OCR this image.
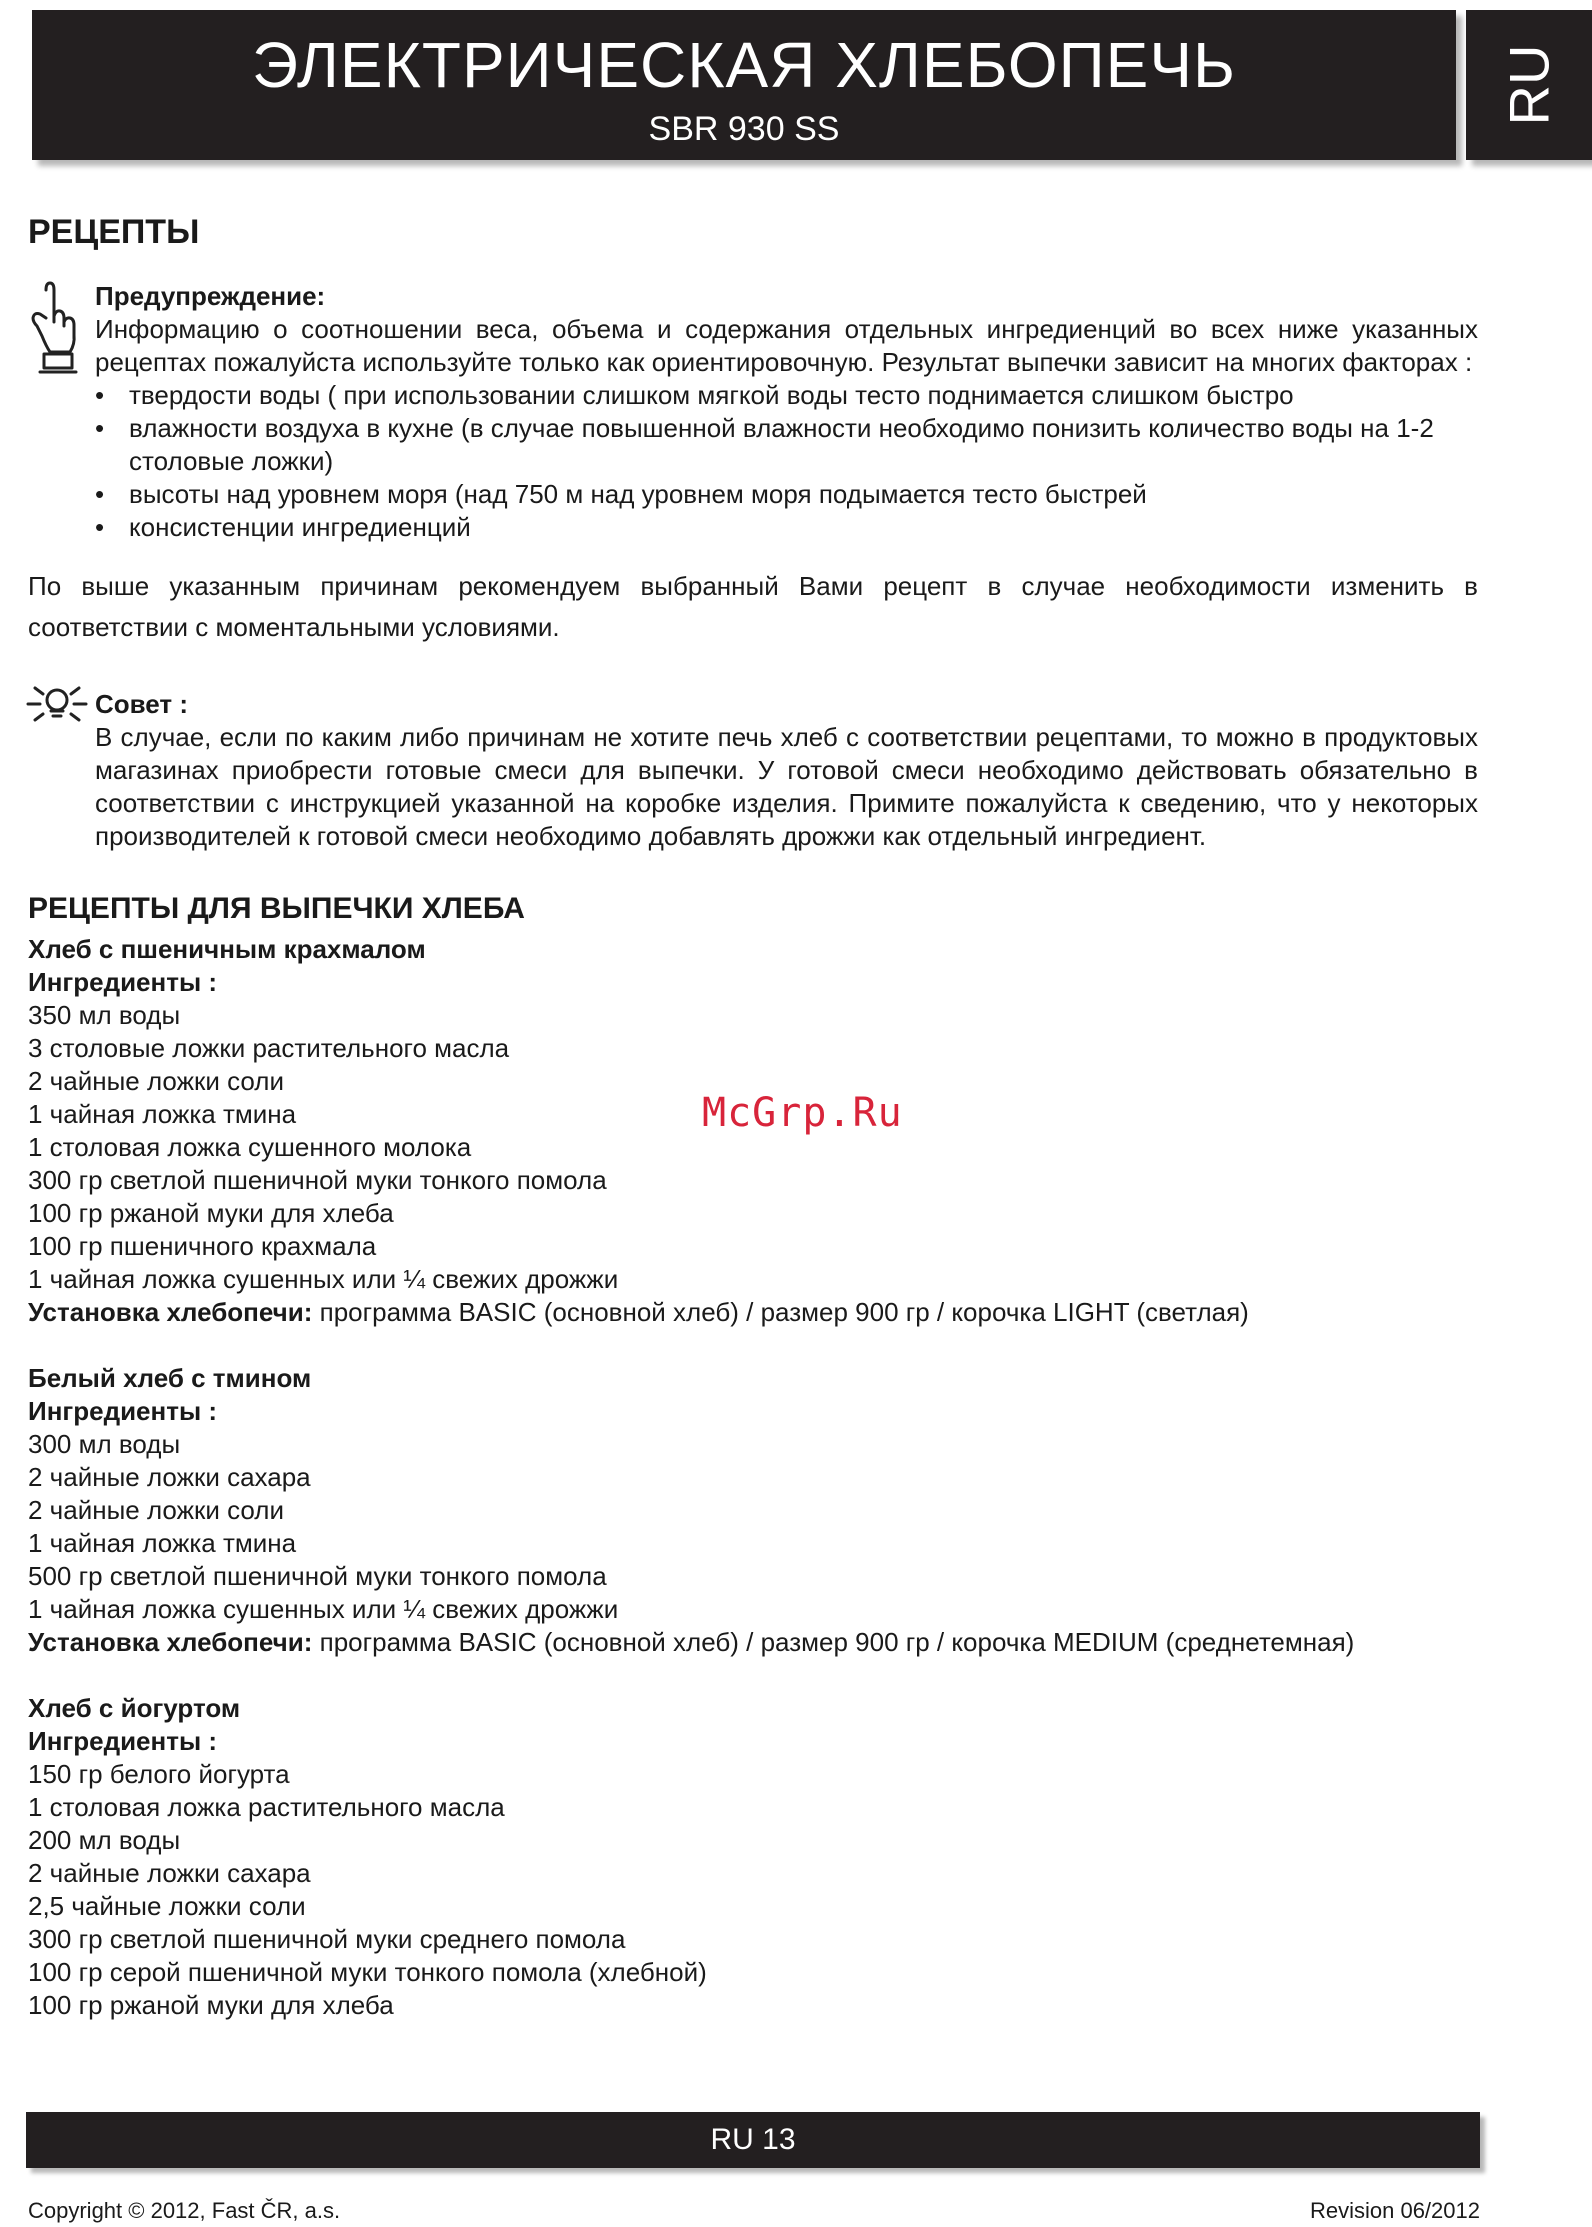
ЭЛЕКТРИЧЕСКАЯ ХЛЕБОПЕЧЬ
SBR 930 SS
RU
РЕЦЕПТЫ
Предупреждение:
Информацию о соотношении веса, объема и содержания отдельных ингредиенций во всех ниже указанных рецептах пожалуйста используйте только как ориентировочную. Результат выпечки зависит на многих факторах :
• твердости воды ( при использовании слишком мягкой воды тесто поднимается слишком быстро
• влажности воздуха в кухне (в случае повышенной влажности необходимо понизить количество воды на 1-2 столовые ложки)
• высоты над уровнем моря (над 750 м над уровнем моря подымается тесто быстрей
• консистенции ингредиенций
По выше указанным причинам рекомендуем выбранный Вами рецепт в случае необходимости изменить в соответствии с моментальными условиями.
Совет :
В случае, если по каким либо причинам не хотите печь хлеб с соответствии рецептами, то можно в продуктовых магазинах приобрести готовые смеси для выпечки. У готовой смеси необходимо действовать обязательно в соответствии с инструкцией указанной на коробке изделия. Примите пожалуйста к сведению, что у некоторых производителей к готовой смеси необходимо добавлять дрожжи как отдельный ингредиент.
РЕЦЕПТЫ ДЛЯ ВЫПЕЧКИ ХЛЕБА
Хлеб с пшеничным крахмалом
Ингредиенты :
350 мл воды
3 столовые ложки растительного масла
2 чайные ложки соли
1 чайная ложка тмина
1 столовая ложка сушенного молока
300 гр светлой пшеничной муки тонкого помола
100 гр ржаной муки для хлеба
100 гр пшеничного крахмала
1 чайная ложка сушенных или ¼ свежих дрожжи
Установка хлебопечи: программа BASIC (основной хлеб) / размер 900 гр / корочка LIGHT (светлая)
Белый хлеб с тмином
Ингредиенты :
300 мл воды
2 чайные ложки сахара
2 чайные ложки соли
1 чайная ложка тмина
500 гр светлой пшеничной муки тонкого помола
1 чайная ложка сушенных или ¼ свежих дрожжи
Установка хлебопечи: программа BASIC (основной хлеб) / размер 900 гр / корочка MEDIUM (среднетемная)
Хлеб с йогуртом
Ингредиенты :
150 гр белого йогурта
1 столовая ложка растительного масла
200 мл воды
2 чайные ложки сахара
2,5 чайные ложки соли
300 гр светлой пшеничной муки среднего помола
100 гр серой пшеничной муки тонкого помола (хлебной)
100 гр ржаной муки для хлеба
McGrp.Ru
RU 13
Copyright © 2012, Fast ČR, a.s.	Revision 06/2012
